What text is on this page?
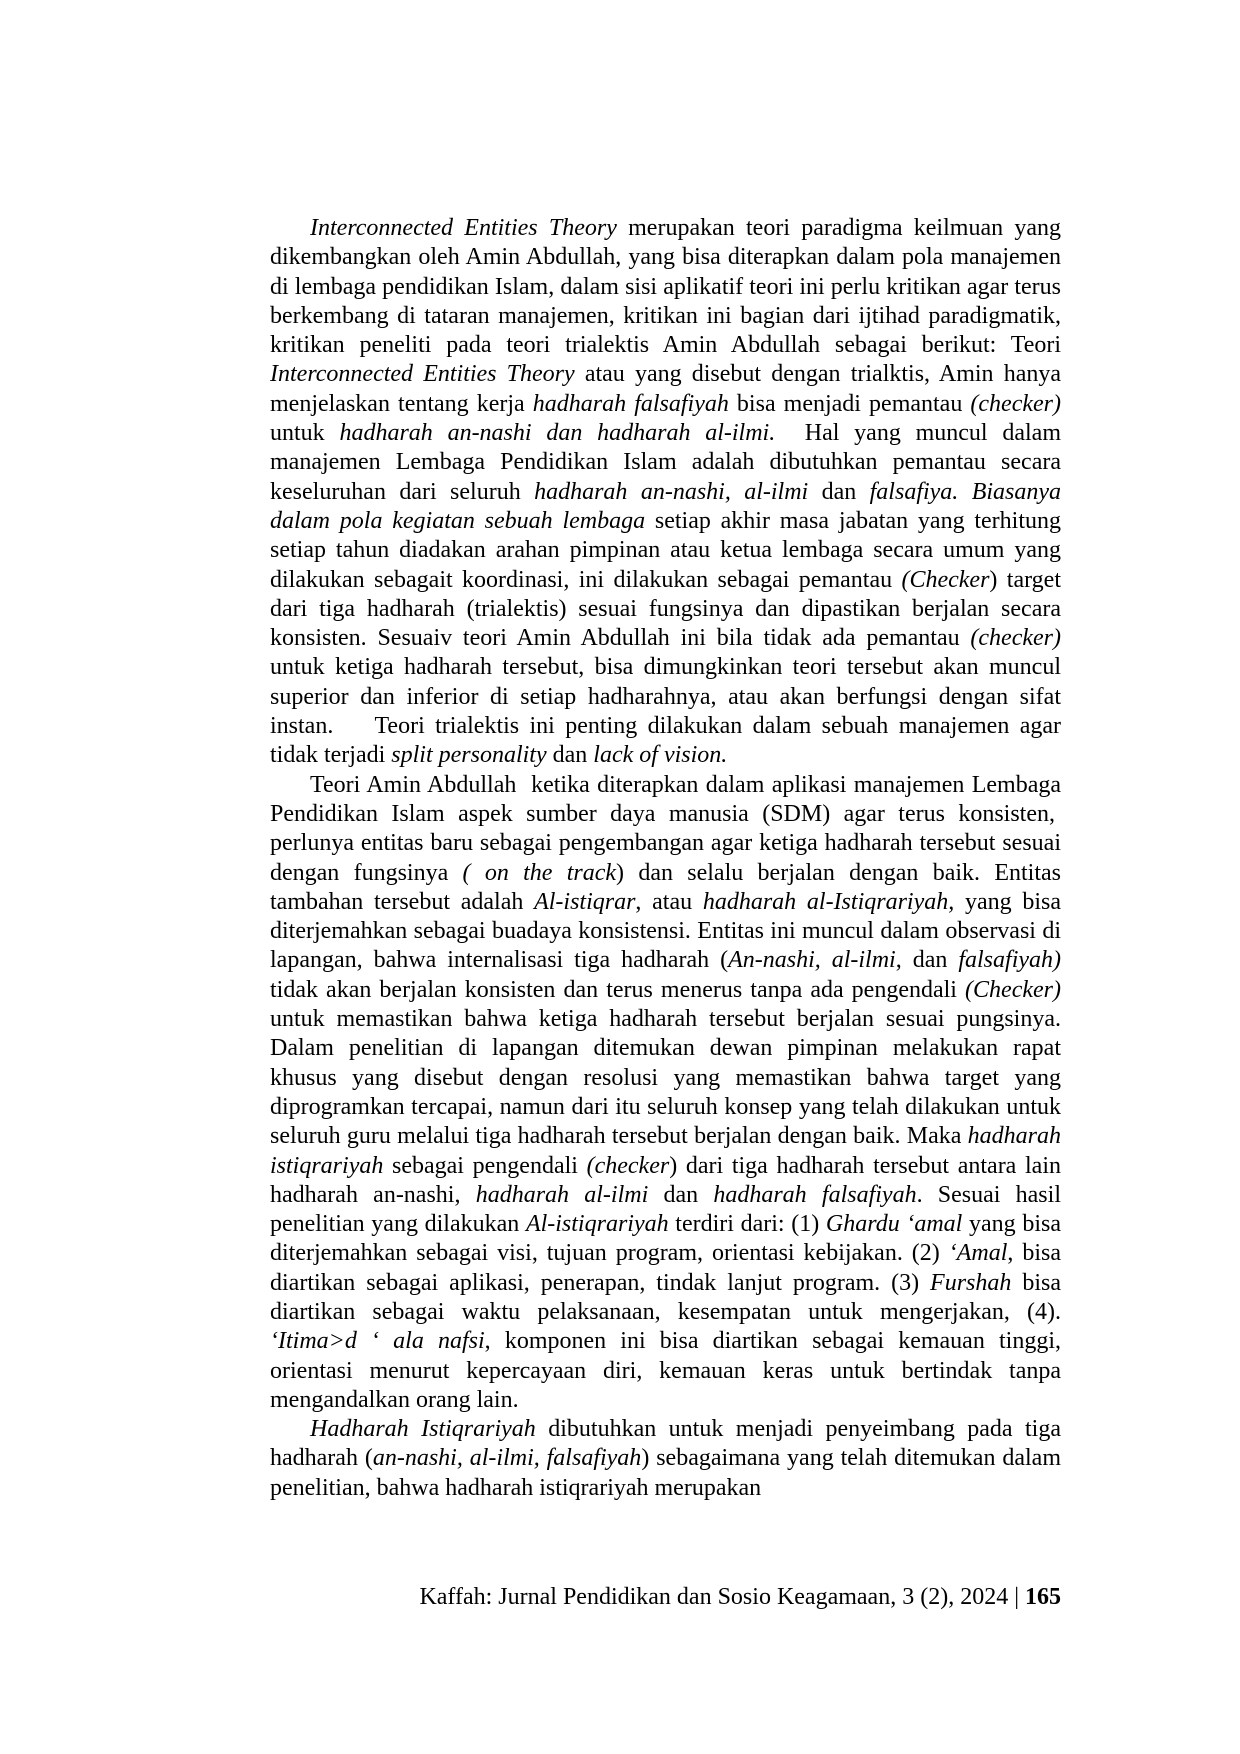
Interconnected Entities Theory merupakan teori paradigma keilmuan yang dikembangkan oleh Amin Abdullah, yang bisa diterapkan dalam pola manajemen di lembaga pendidikan Islam, dalam sisi aplikatif teori ini perlu kritikan agar terus berkembang di tataran manajemen, kritikan ini bagian dari ijtihad paradigmatik, kritikan peneliti pada teori trialektis Amin Abdullah sebagai berikut: Teori Interconnected Entities Theory atau yang disebut dengan trialktis, Amin hanya menjelaskan tentang kerja hadharah falsafiyah bisa menjadi pemantau (checker) untuk hadharah an-nashi dan hadharah al-ilmi.  Hal yang muncul dalam manajemen Lembaga Pendidikan Islam adalah dibutuhkan pemantau secara keseluruhan dari seluruh hadharah an-nashi, al-ilmi dan falsafiya. Biasanya dalam pola kegiatan sebuah lembaga setiap akhir masa jabatan yang terhitung setiap tahun diadakan arahan pimpinan atau ketua lembaga secara umum yang dilakukan sebagait koordinasi, ini dilakukan sebagai pemantau (Checker) target dari tiga hadharah (trialektis) sesuai fungsinya dan dipastikan berjalan secara konsisten. Sesuaiv teori Amin Abdullah ini bila tidak ada pemantau (checker) untuk ketiga hadharah tersebut, bisa dimungkinkan teori tersebut akan muncul superior dan inferior di setiap hadharahnya, atau akan berfungsi dengan sifat instan.    Teori trialektis ini penting dilakukan dalam sebuah manajemen agar tidak terjadi split personality dan lack of vision.

Teori Amin Abdullah  ketika diterapkan dalam aplikasi manajemen Lembaga Pendidikan Islam aspek sumber daya manusia (SDM) agar terus konsisten,  perlunya entitas baru sebagai pengembangan agar ketiga hadharah tersebut sesuai dengan fungsinya ( on the track) dan selalu berjalan dengan baik. Entitas tambahan tersebut adalah Al-istiqrar, atau hadharah al-Istiqrariyah, yang bisa diterjemahkan sebagai buadaya konsistensi. Entitas ini muncul dalam observasi di lapangan, bahwa internalisasi tiga hadharah (An-nashi, al-ilmi, dan falsafiyah) tidak akan berjalan konsisten dan terus menerus tanpa ada pengendali (Checker) untuk memastikan bahwa ketiga hadharah tersebut berjalan sesuai pungsinya. Dalam penelitian di lapangan ditemukan dewan pimpinan melakukan rapat khusus yang disebut dengan resolusi yang memastikan bahwa target yang diprogramkan tercapai, namun dari itu seluruh konsep yang telah dilakukan untuk seluruh guru melalui tiga hadharah tersebut berjalan dengan baik. Maka hadharah istiqrariyah sebagai pengendali (checker) dari tiga hadharah tersebut antara lain hadharah an-nashi, hadharah al-ilmi dan hadharah falsafiyah. Sesuai hasil penelitian yang dilakukan Al-istiqrariyah terdiri dari: (1) Ghardu ‘amal yang bisa diterjemahkan sebagai visi, tujuan program, orientasi kebijakan. (2) ‘Amal, bisa diartikan sebagai aplikasi, penerapan, tindak lanjut program. (3) Furshah bisa diartikan sebagai waktu pelaksanaan, kesempatan untuk mengerjakan, (4). ‘Itima>d ‘ ala nafsi, komponen ini bisa diartikan sebagai kemauan tinggi, orientasi menurut kepercayaan diri, kemauan keras untuk bertindak tanpa mengandalkan orang lain.

Hadharah Istiqrariyah dibutuhkan untuk menjadi penyeimbang pada tiga hadharah (an-nashi, al-ilmi, falsafiyah) sebagaimana yang telah ditemukan dalam penelitian, bahwa hadharah istiqrariyah merupakan

Kaffah: Jurnal Pendidikan dan Sosio Keagamaan, 3 (2), 2024 | 165
